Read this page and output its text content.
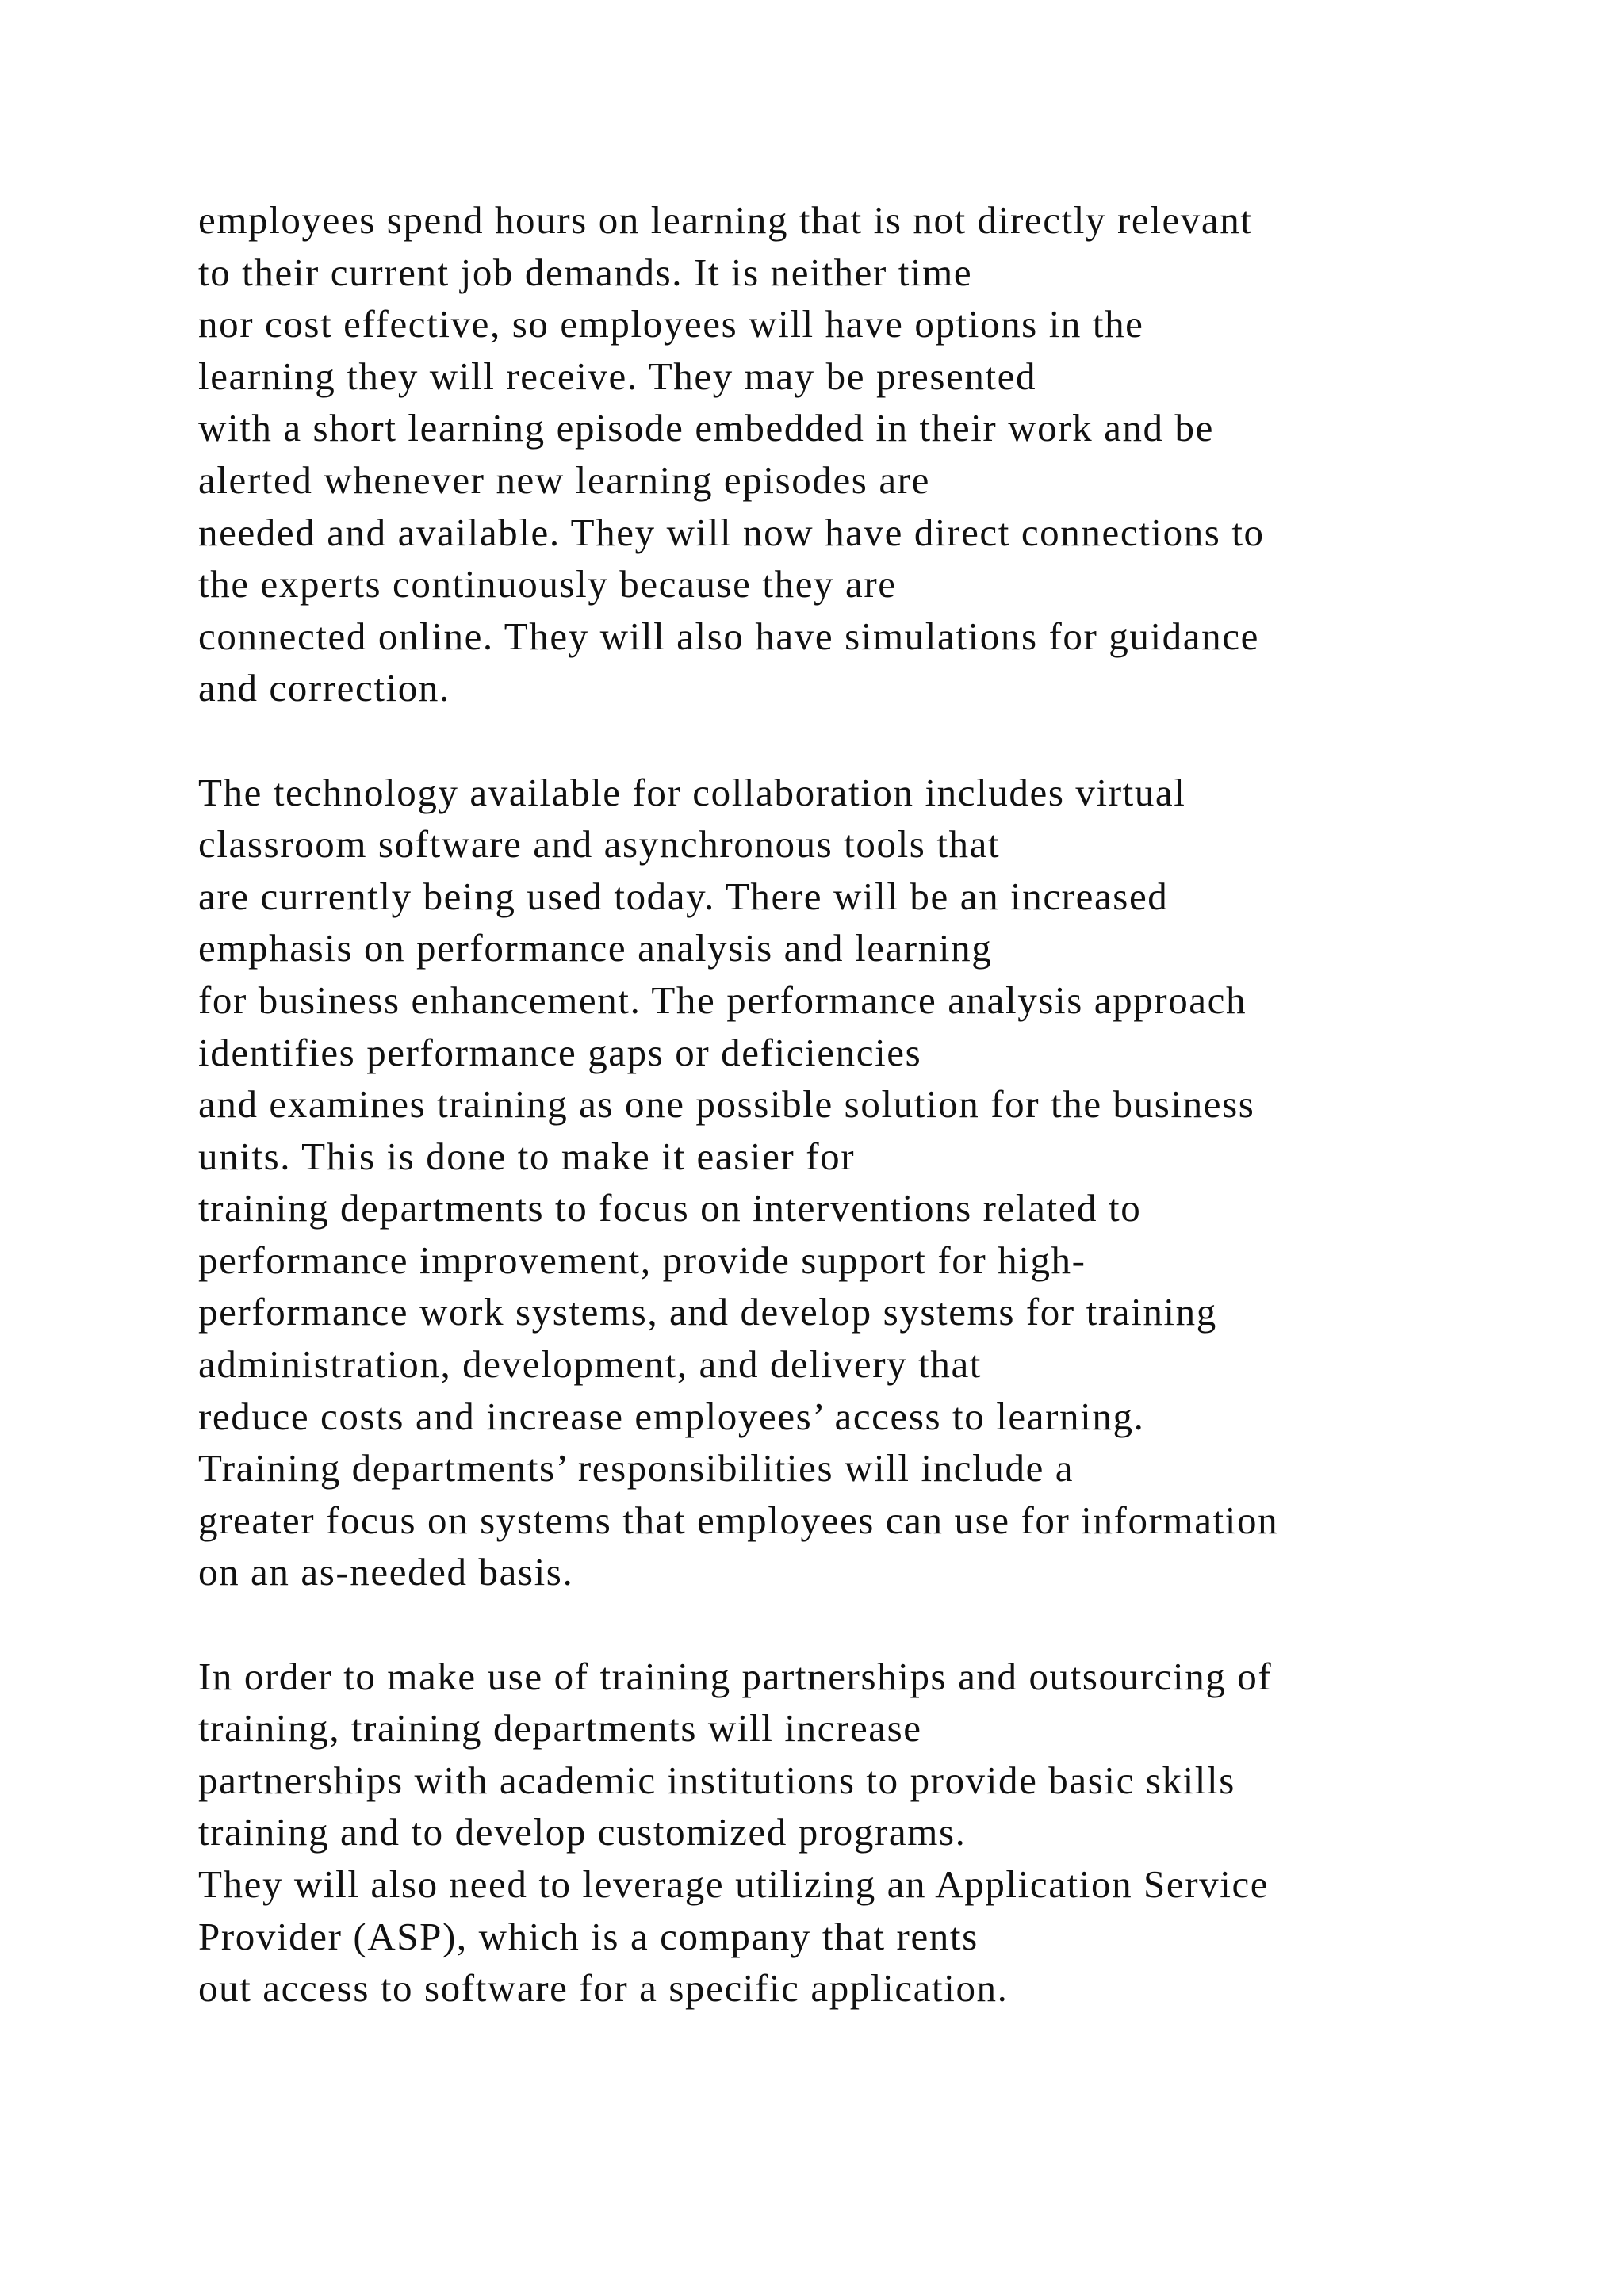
employees spend hours on learning that is not directly relevant
to their current job demands. It is neither time
nor cost effective, so employees will have options in the
learning they will receive. They may be presented
with a short learning episode embedded in their work and be
alerted whenever new learning episodes are
needed and available. They will now have direct connections to
the experts continuously because they are
connected online. They will also have simulations for guidance
and correction.
The technology available for collaboration includes virtual
classroom software and asynchronous tools that
are currently being used today. There will be an increased
emphasis on performance analysis and learning
for business enhancement. The performance analysis approach
identifies performance gaps or deficiencies
and examines training as one possible solution for the business
units. This is done to make it easier for
training departments to focus on interventions related to
performance improvement, provide support for high-
performance work systems, and develop systems for training
administration, development, and delivery that
reduce costs and increase employees’ access to learning.
Training departments’ responsibilities will include a
greater focus on systems that employees can use for information
on an as-needed basis.
In order to make use of training partnerships and outsourcing of
training, training departments will increase
partnerships with academic institutions to provide basic skills
training and to develop customized programs.
They will also need to leverage utilizing an Application Service
Provider (ASP), which is a company that rents
out access to software for a specific application.
